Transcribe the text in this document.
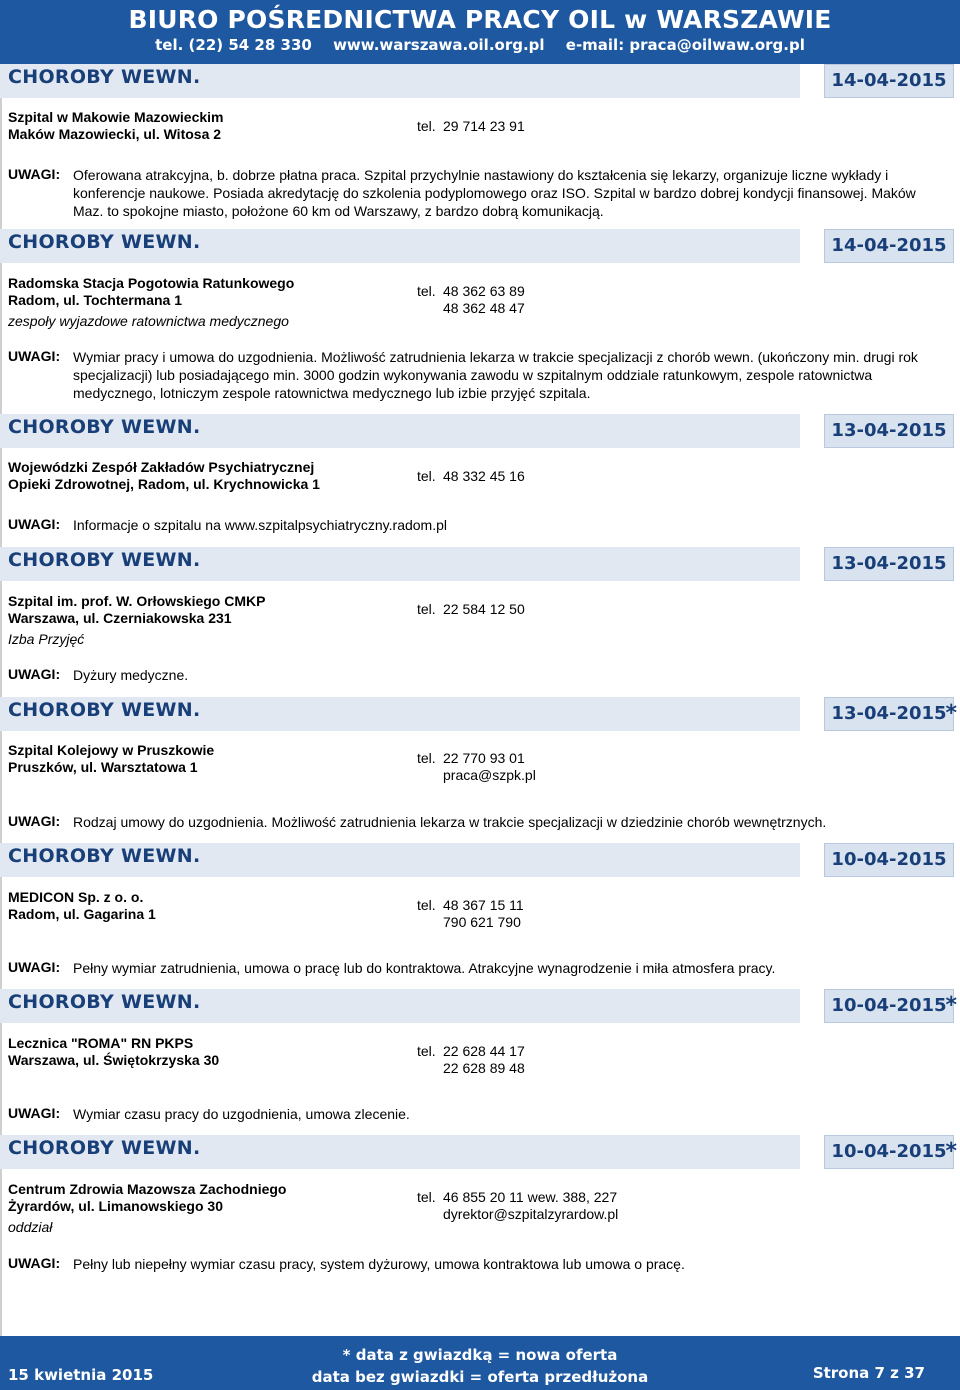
BIURO POŚREDNICTWA PRACY OIL w WARSZAWIE
tel. (22) 54 28 330 www.warszawa.oil.org.pl e-mail: praca@oilwaw.org.pl
CHOROBY WEWN.	14-04-2015
Szpital w Makowie Mazowieckim
Maków Mazowiecki, ul. Witosa 2	tel. 29 714 23 91
UWAGI: Oferowana atrakcyjna, b. dobrze płatna praca. Szpital przychylnie nastawiony do kształcenia się lekarzy, organizuje liczne wykłady i konferencje naukowe. Posiada akredytację do szkolenia podyplomowego oraz ISO. Szpital w bardzo dobrej kondycji finansowej. Maków Maz. to spokojne miasto, położone 60 km od Warszawy, z bardzo dobrą komunikacją.
CHOROBY WEWN.	14-04-2015
Radomska Stacja Pogotowia Ratunkowego
Radom, ul. Tochtermana 1
zespoły wyjazdowe ratownictwa medycznego
tel. 48 362 63 89
48 362 48 47
UWAGI: Wymiar pracy i umowa do uzgodnienia. Możliwość zatrudnienia lekarza w trakcie specjalizacji z chorób wewn. (ukończony min. drugi rok specjalizacji) lub posiadającego min. 3000 godzin wykonywania zawodu w szpitalnym oddziale ratunkowym, zespole ratownictwa medycznego, lotniczym zespole ratownictwa medycznego lub izbie przyjęć szpitala.
CHOROBY WEWN.	13-04-2015
Wojewódzki Zespół Zakładów Psychiatrycznej
Opieki Zdrowotnej, Radom, ul. Krychnowicka 1	tel. 48 332 45 16
UWAGI: Informacje o szpitalu na www.szpitalpsychiatryczny.radom.pl
CHOROBY WEWN.	13-04-2015
Szpital im. prof. W. Orłowskiego CMKP
Warszawa, ul. Czerniakowska 231
Izba Przyjęć
tel. 22 584 12 50
UWAGI: Dyżury medyczne.
CHOROBY WEWN.	13-04-2015
*
Szpital Kolejowy w Pruszkowie
Pruszków, ul. Warsztatowa 1
tel. 22 770 93 01
praca@szpk.pl
UWAGI: Rodzaj umowy do uzgodnienia. Możliwość zatrudnienia lekarza w trakcie specjalizacji w dziedzinie chorób wewnętrznych.
CHOROBY WEWN.	10-04-2015
MEDICON Sp. z o. o.
Radom, ul. Gagarina 1
tel. 48 367 15 11
790 621 790
UWAGI: Pełny wymiar zatrudnienia, umowa o pracę lub do kontraktowa. Atrakcyjne wynagrodzenie i miła atmosfera pracy.
CHOROBY WEWN.	10-04-2015
*
Lecznica "ROMA" RN PKPS
Warszawa, ul. Świętokrzyska 30
tel. 22 628 44 17
22 628 89 48
UWAGI: Wymiar czasu pracy do uzgodnienia, umowa zlecenie.
CHOROBY WEWN.	10-04-2015
*
Centrum Zdrowia Mazowsza Zachodniego
Żyrardów, ul. Limanowskiego 30
oddział
tel. 46 855 20 11 wew. 388, 227
dyrektor@szpitalzyrardow.pl
UWAGI: Pełny lub niepełny wymiar czasu pracy, system dyżurowy, umowa kontraktowa lub umowa o pracę.
15 kwietnia 2015
* data z gwiazdką = nowa oferta
data bez gwiazdki = oferta przedłużona	Strona 7 z 37
